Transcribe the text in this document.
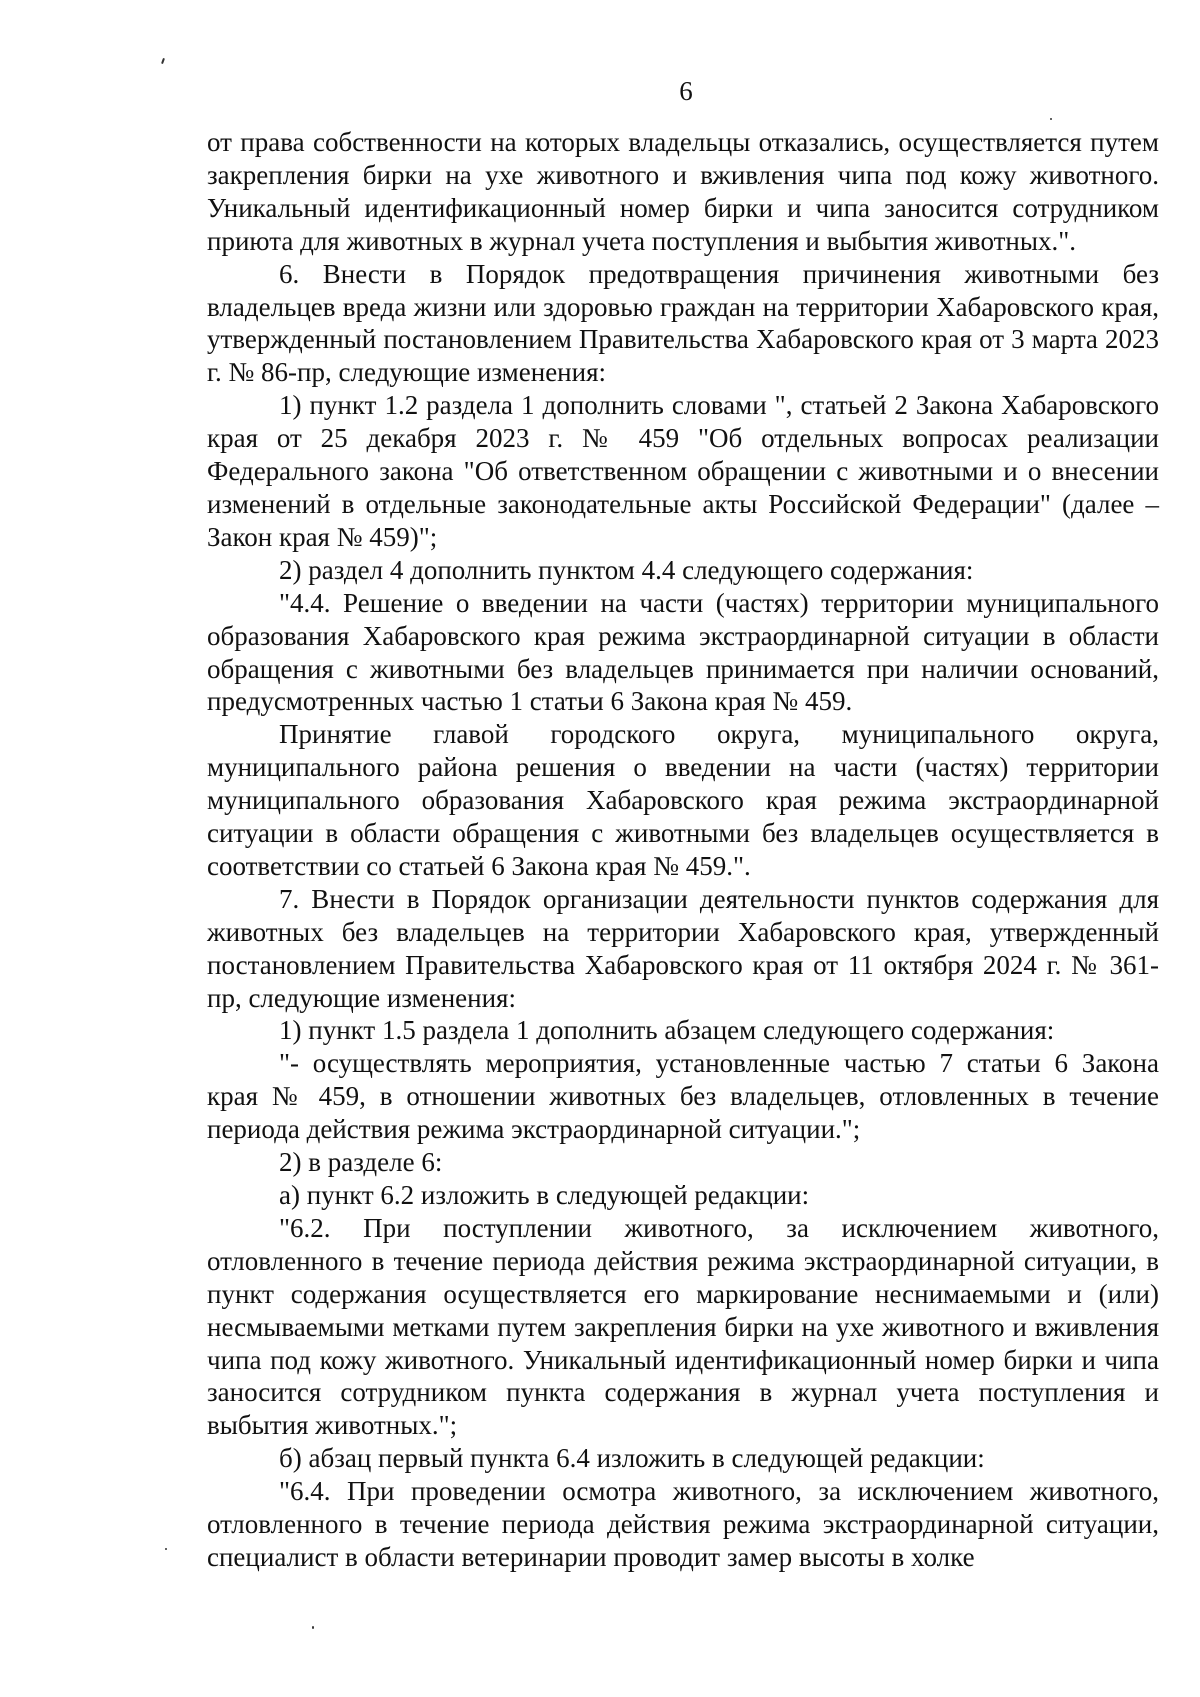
6

от права собственности на которых владельцы отказались, осуществляется путем закрепления бирки на ухе животного и вживления чипа под кожу животного. Уникальный идентификационный номер бирки и чипа заносится сотрудником приюта для животных в журнал учета поступления и выбытия животных.".

6. Внести в Порядок предотвращения причинения животными без владельцев вреда жизни или здоровью граждан на территории Хабаровского края, утвержденный постановлением Правительства Хабаровского края от 3 марта 2023 г. № 86-пр, следующие изменения:

1) пункт 1.2 раздела 1 дополнить словами ", статьей 2 Закона Хабаровского края от 25 декабря 2023 г. № 459 "Об отдельных вопросах реализации Федерального закона "Об ответственном обращении с животными и о внесении изменений в отдельные законодательные акты Российской Федерации" (далее – Закон края № 459)";

2) раздел 4 дополнить пунктом 4.4 следующего содержания:

"4.4. Решение о введении на части (частях) территории муниципального образования Хабаровского края режима экстраординарной ситуации в области обращения с животными без владельцев принимается при наличии оснований, предусмотренных частью 1 статьи 6 Закона края № 459.

Принятие главой городского округа, муниципального округа, муниципального района решения о введении на части (частях) территории муниципального образования Хабаровского края режима экстраординарной ситуации в области обращения с животными без владельцев осуществляется в соответствии со статьей 6 Закона края № 459.".

7. Внести в Порядок организации деятельности пунктов содержания для животных без владельцев на территории Хабаровского края, утвержденный постановлением Правительства Хабаровского края от 11 октября 2024 г. № 361-пр, следующие изменения:

1) пункт 1.5 раздела 1 дополнить абзацем следующего содержания:

"- осуществлять мероприятия, установленные частью 7 статьи 6 Закона края № 459, в отношении животных без владельцев, отловленных в течение периода действия режима экстраординарной ситуации.";

2) в разделе 6:

а) пункт 6.2 изложить в следующей редакции:

"6.2. При поступлении животного, за исключением животного, отловленного в течение периода действия режима экстраординарной ситуации, в пункт содержания осуществляется его маркирование неснимаемыми и (или) несмываемыми метками путем закрепления бирки на ухе животного и вживления чипа под кожу животного. Уникальный идентификационный номер бирки и чипа заносится сотрудником пункта содержания в журнал учета поступления и выбытия животных.";

б) абзац первый пункта 6.4 изложить в следующей редакции:

"6.4. При проведении осмотра животного, за исключением животного, отловленного в течение периода действия режима экстраординарной ситуации, специалист в области ветеринарии проводит замер высоты в холке
